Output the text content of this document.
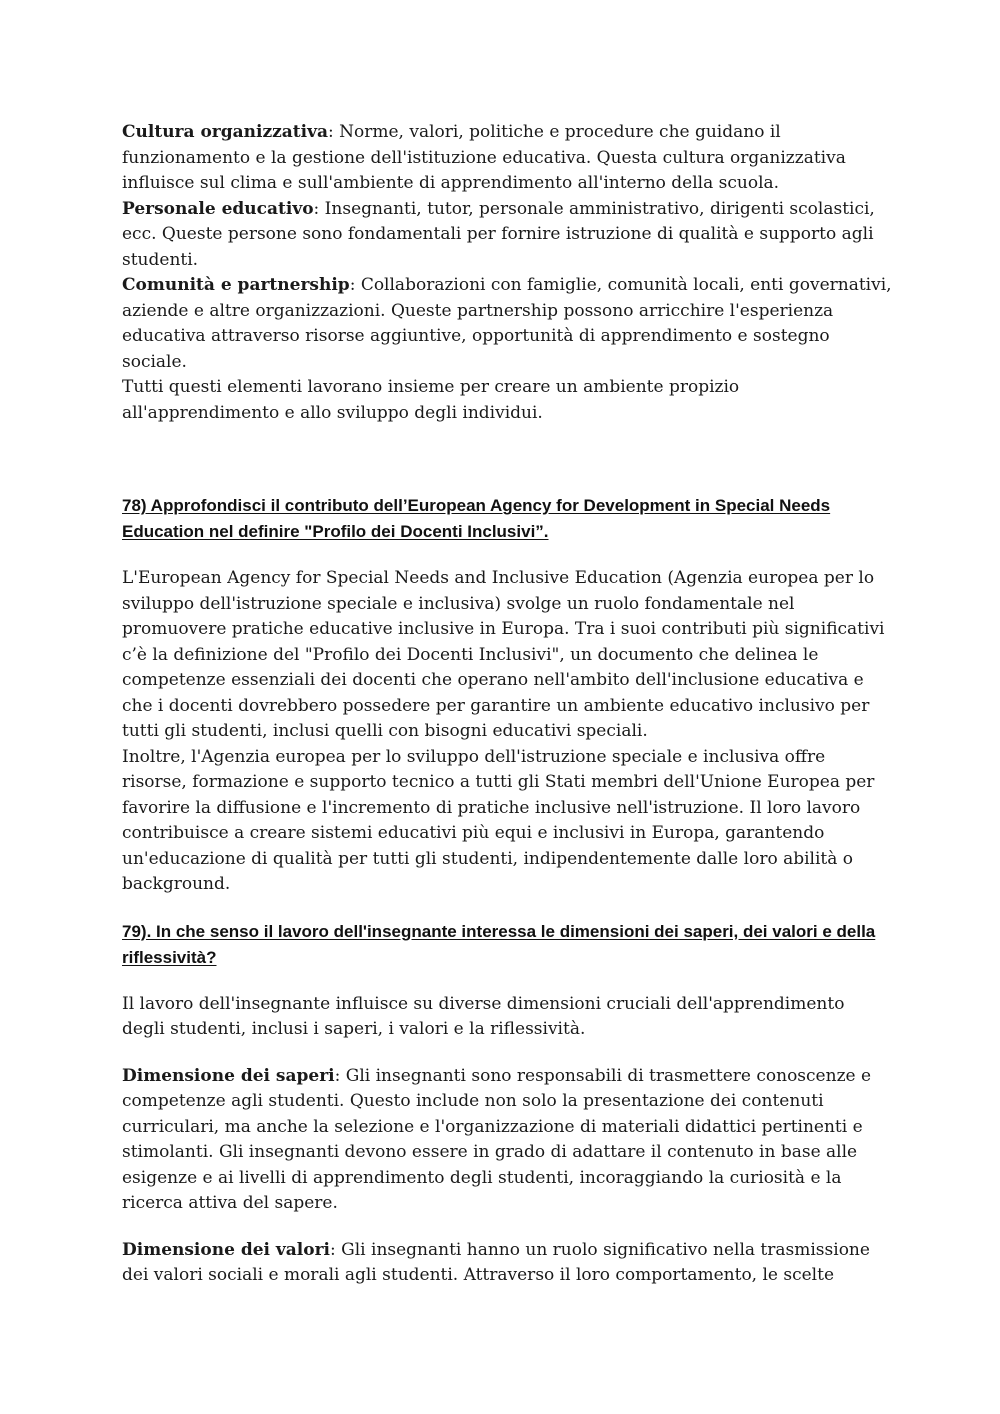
Cultura organizzativa: Norme, valori, politiche e procedure che guidano il funzionamento e la gestione dell'istituzione educativa. Questa cultura organizzativa influisce sul clima e sull'ambiente di apprendimento all'interno della scuola.

Personale educativo: Insegnanti, tutor, personale amministrativo, dirigenti scolastici, ecc. Queste persone sono fondamentali per fornire istruzione di qualità e supporto agli studenti.

Comunità e partnership: Collaborazioni con famiglie, comunità locali, enti governativi, aziende e altre organizzazioni. Queste partnership possono arricchire l'esperienza educativa attraverso risorse aggiuntive, opportunità di apprendimento e sostegno sociale.

Tutti questi elementi lavorano insieme per creare un ambiente propizio all'apprendimento e allo sviluppo degli individui.

78) Approfondisci il contributo dell’European Agency for Development in Special Needs Education nel definire "Profilo dei Docenti Inclusivi”.

L'European Agency for Special Needs and Inclusive Education (Agenzia europea per lo sviluppo dell'istruzione speciale e inclusiva) svolge un ruolo fondamentale nel promuovere pratiche educative inclusive in Europa. Tra i suoi contributi più significativi c’è la definizione del "Profilo dei Docenti Inclusivi", un documento che delinea le competenze essenziali dei docenti che operano nell'ambito dell'inclusione educativa e che i docenti dovrebbero possedere per garantire un ambiente educativo inclusivo per tutti gli studenti, inclusi quelli con bisogni educativi speciali.

Inoltre, l'Agenzia europea per lo sviluppo dell'istruzione speciale e inclusiva offre risorse, formazione e supporto tecnico a tutti gli Stati membri dell'Unione Europea per favorire la diffusione e l'incremento di pratiche inclusive nell'istruzione. Il loro lavoro contribuisce a creare sistemi educativi più equi e inclusivi in Europa, garantendo un'educazione di qualità per tutti gli studenti, indipendentemente dalle loro abilità o background.

79). In che senso il lavoro dell'insegnante interessa le dimensioni dei saperi, dei valori e della riflessività?

Il lavoro dell'insegnante influisce su diverse dimensioni cruciali dell'apprendimento degli studenti, inclusi i saperi, i valori e la riflessività.

Dimensione dei saperi: Gli insegnanti sono responsabili di trasmettere conoscenze e competenze agli studenti. Questo include non solo la presentazione dei contenuti curriculari, ma anche la selezione e l'organizzazione di materiali didattici pertinenti e stimolanti. Gli insegnanti devono essere in grado di adattare il contenuto in base alle esigenze e ai livelli di apprendimento degli studenti, incoraggiando la curiosità e la ricerca attiva del sapere.

Dimensione dei valori: Gli insegnanti hanno un ruolo significativo nella trasmissione dei valori sociali e morali agli studenti. Attraverso il loro comportamento, le scelte
